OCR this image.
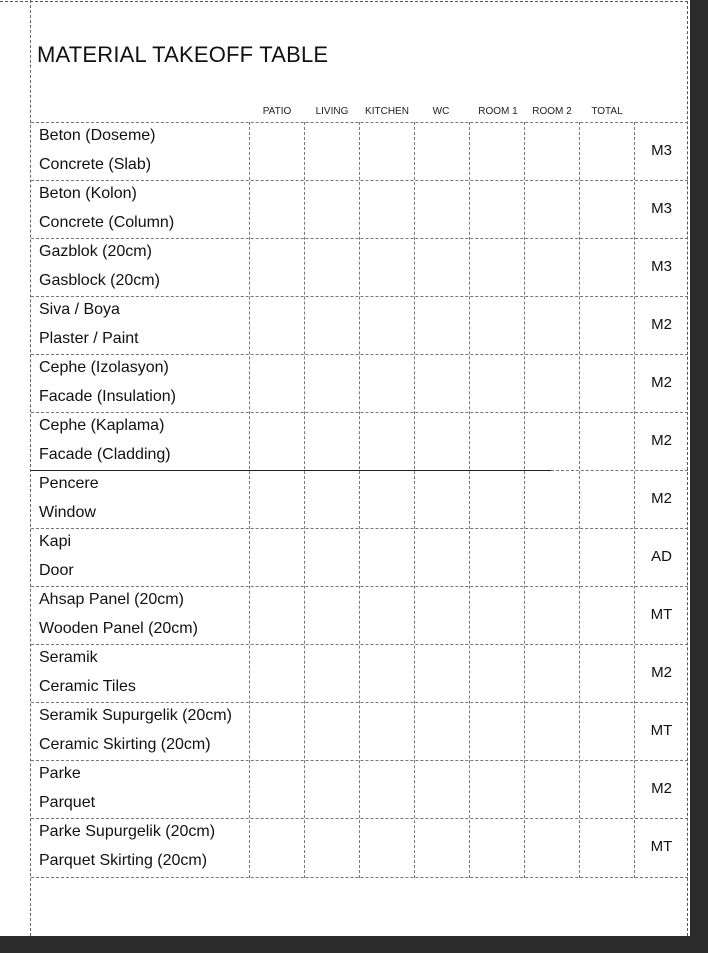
MATERIAL TAKEOFF TABLE
PATIO	LIVING	KITCHEN	WC	ROOM 1	ROOM 2	TOTAL
Beton (Doseme)
Concrete (Slab)
M3
Beton (Kolon)
Concrete (Column)
M3
Gazblok (20cm)
Gasblock (20cm)
M3
Siva / Boya
Plaster / Paint
M2
Cephe (Izolasyon)
Facade (Insulation)
M2
Cephe (Kaplama)
Facade (Cladding)
M2
Pencere
Window
M2
Kapi
Door
AD
Ahsap Panel (20cm)
Wooden Panel (20cm)
MT
Seramik
Ceramic Tiles
M2
Seramik Supurgelik (20cm)
Ceramic Skirting (20cm)
MT
Parke
Parquet
M2
Parke Supurgelik (20cm)
Parquet Skirting (20cm)
MT
